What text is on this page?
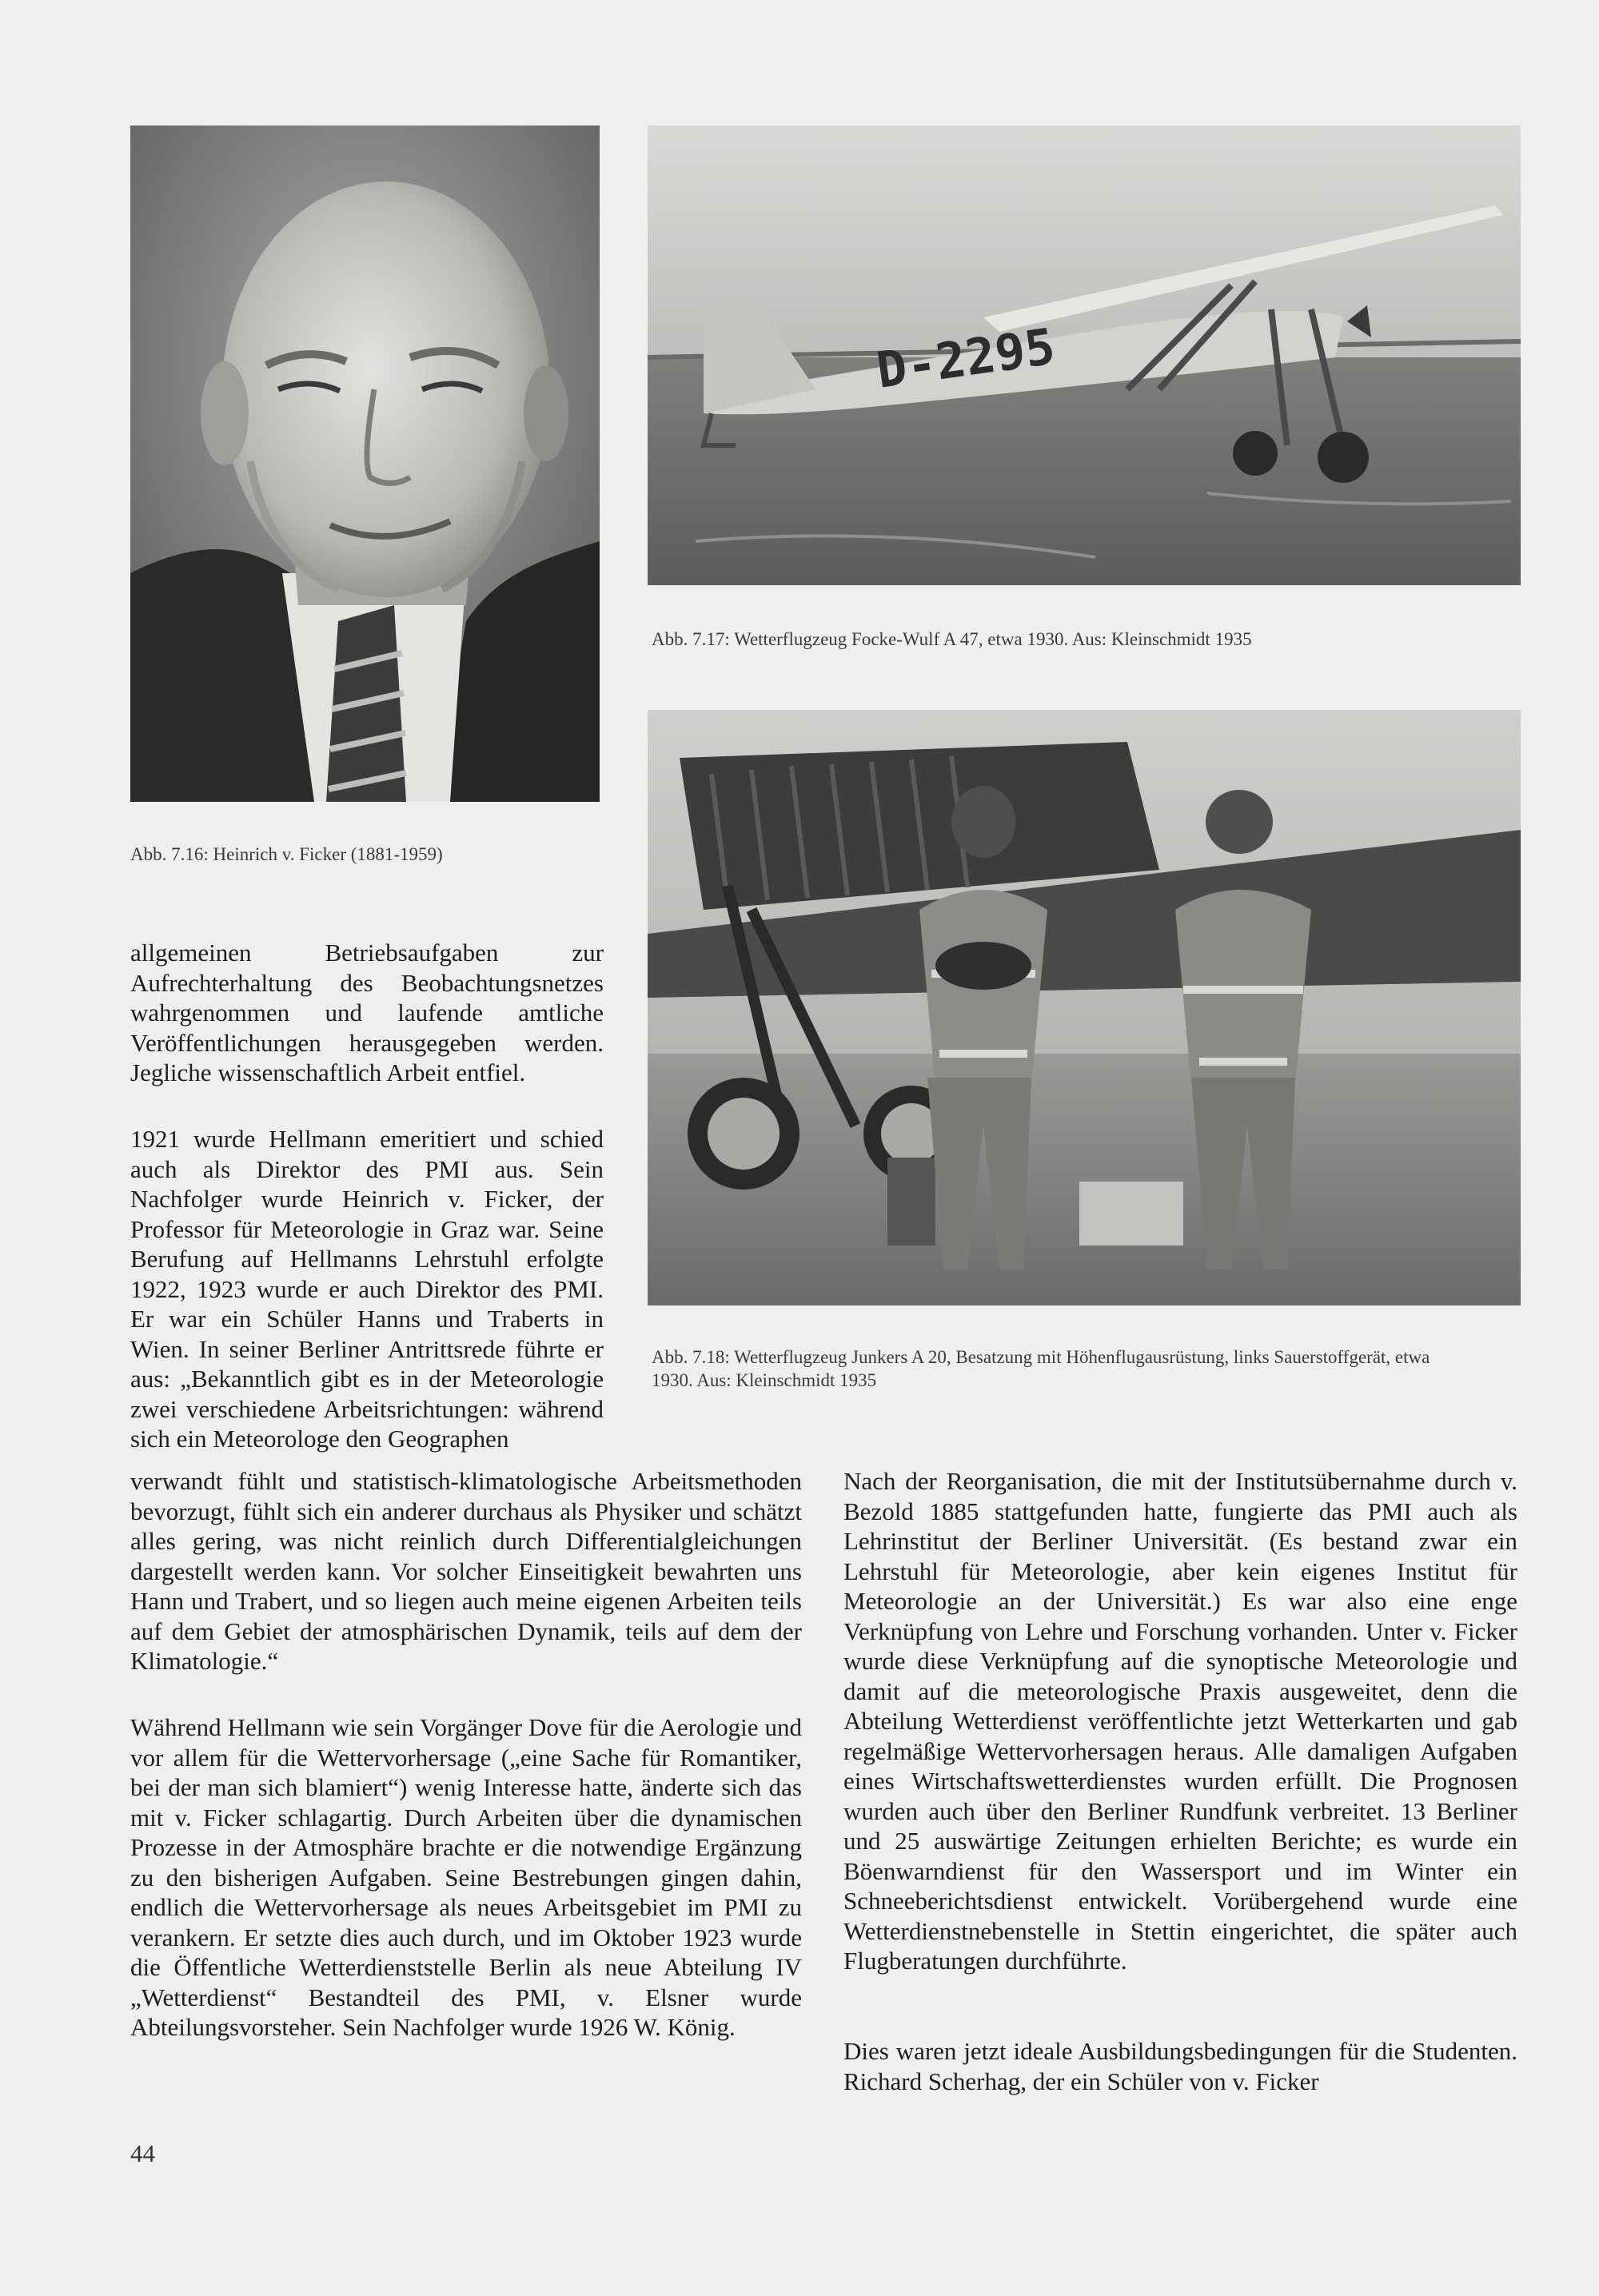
Abb. 7.16: Heinrich v. Ficker (1881-1959)

D-2295

Abb. 7.17: Wetterflugzeug Focke-Wulf A 47, etwa 1930. Aus: Kleinschmidt 1935

Abb. 7.18: Wetterflugzeug Junkers A 20, Besatzung mit Höhenflugausrüstung, links Sauerstoffgerät, etwa 1930. Aus: Kleinschmidt 1935

allgemeinen Betriebsaufgaben zur Aufrechterhaltung des Beobachtungsnetzes wahrgenommen und laufende amtliche Veröffentlichungen herausgegeben werden. Jegliche wissenschaftlich Arbeit entfiel.

1921 wurde Hellmann emeritiert und schied auch als Direktor des PMI aus. Sein Nachfolger wurde Heinrich v. Ficker, der Professor für Meteorologie in Graz war. Seine Berufung auf Hellmanns Lehrstuhl erfolgte 1922, 1923 wurde er auch Direktor des PMI. Er war ein Schüler Hanns und Traberts in Wien. In seiner Berliner Antrittsrede führte er aus: „Bekanntlich gibt es in der Meteorologie zwei verschiedene Arbeitsrichtungen: während sich ein Meteorologe den Geographen

verwandt fühlt und statistisch-klimatologische Arbeitsmethoden bevorzugt, fühlt sich ein anderer durchaus als Physiker und schätzt alles gering, was nicht reinlich durch Differentialgleichungen dargestellt werden kann. Vor solcher Einseitigkeit bewahrten uns Hann und Trabert, und so liegen auch meine eigenen Arbeiten teils auf dem Gebiet der atmosphärischen Dynamik, teils auf dem der Klimatologie.“

Während Hellmann wie sein Vorgänger Dove für die Aerologie und vor allem für die Wettervorhersage („eine Sache für Romantiker, bei der man sich blamiert“) wenig Interesse hatte, änderte sich das mit v. Ficker schlagartig. Durch Arbeiten über die dynamischen Prozesse in der Atmosphäre brachte er die notwendige Ergänzung zu den bisherigen Aufgaben. Seine Bestrebungen gingen dahin, endlich die Wettervorhersage als neues Arbeitsgebiet im PMI zu verankern. Er setzte dies auch durch, und im Oktober 1923 wurde die Öffentliche Wetterdienststelle Berlin als neue Abteilung IV „Wetterdienst“ Bestandteil des PMI, v. Elsner wurde Abteilungsvorsteher. Sein Nachfolger wurde 1926 W. König.

Nach der Reorganisation, die mit der Institutsübernahme durch v. Bezold 1885 stattgefunden hatte, fungierte das PMI auch als Lehrinstitut der Berliner Universität. (Es bestand zwar ein Lehrstuhl für Meteorologie, aber kein eigenes Institut für Meteorologie an der Universität.) Es war also eine enge Verknüpfung von Lehre und Forschung vorhanden. Unter v. Ficker wurde diese Verknüpfung auf die synoptische Meteorologie und damit auf die meteorologische Praxis ausgeweitet, denn die Abteilung Wetterdienst veröffentlichte jetzt Wetterkarten und gab regelmäßige Wettervorhersagen heraus. Alle damaligen Aufgaben eines Wirtschaftswetterdienstes wurden erfüllt. Die Prognosen wurden auch über den Berliner Rundfunk verbreitet. 13 Berliner und 25 auswärtige Zeitungen erhielten Berichte; es wurde ein Böenwarndienst für den Wassersport und im Winter ein Schneeberichtsdienst entwickelt. Vorübergehend wurde eine Wetterdienstnebenstelle in Stettin eingerichtet, die später auch Flugberatungen durchführte.

Dies waren jetzt ideale Ausbildungsbedingungen für die Studenten. Richard Scherhag, der ein Schüler von v. Ficker

44
